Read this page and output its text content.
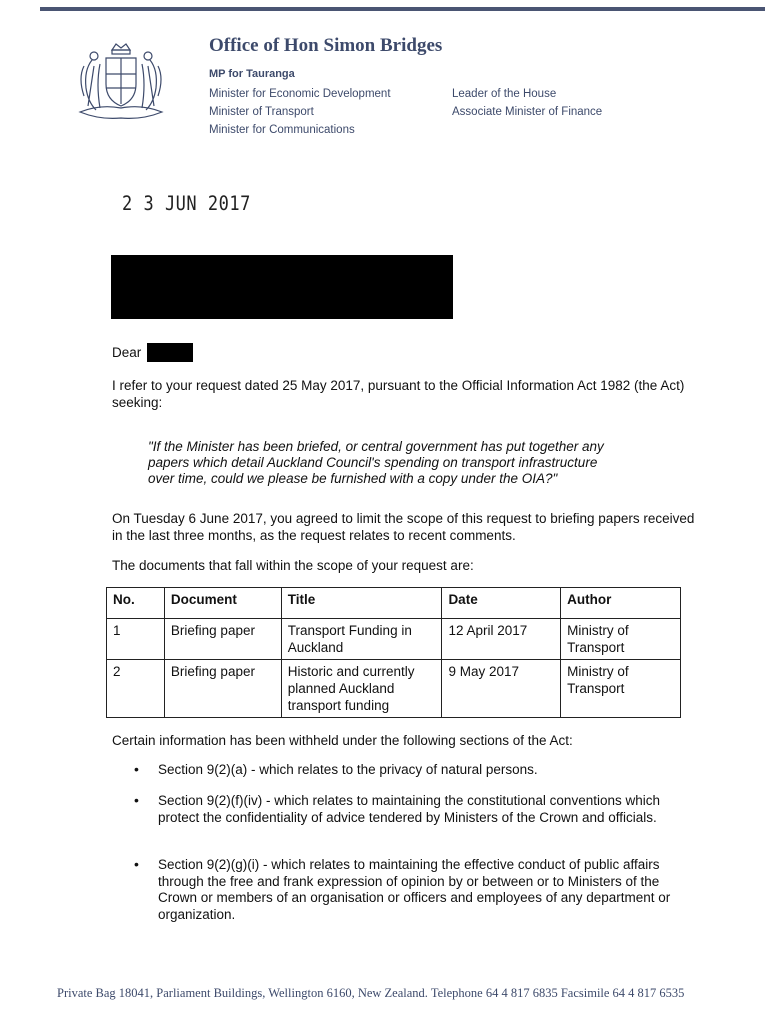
Office of Hon Simon Bridges
MP for Tauranga
Minister for Economic Development
Minister of Transport
Minister for Communications
Leader of the House
Associate Minister of Finance
2 3 JUN 2017
Dear
I refer to your request dated 25 May 2017, pursuant to the Official Information Act 1982 (the Act) seeking:
"If the Minister has been briefed, or central government has put together any papers which detail Auckland Council's spending on transport infrastructure over time, could we please be furnished with a copy under the OIA?"
On Tuesday 6 June 2017, you agreed to limit the scope of this request to briefing papers received in the last three months, as the request relates to recent comments.
The documents that fall within the scope of your request are:
No.	Document	Title	Date	Author
1	Briefing paper	Transport Funding in Auckland	12 April 2017	Ministry of Transport
2	Briefing paper	Historic and currently planned Auckland transport funding	9 May 2017	Ministry of Transport
Certain information has been withheld under the following sections of the Act:
• Section 9(2)(a) - which relates to the privacy of natural persons.
• Section 9(2)(f)(iv) - which relates to maintaining the constitutional conventions which protect the confidentiality of advice tendered by Ministers of the Crown and officials.
• Section 9(2)(g)(i) - which relates to maintaining the effective conduct of public affairs through the free and frank expression of opinion by or between or to Ministers of the Crown or members of an organisation or officers and employees of any department or organization.
Private Bag 18041, Parliament Buildings, Wellington 6160, New Zealand. Telephone 64 4 817 6835 Facsimile 64 4 817 6535
